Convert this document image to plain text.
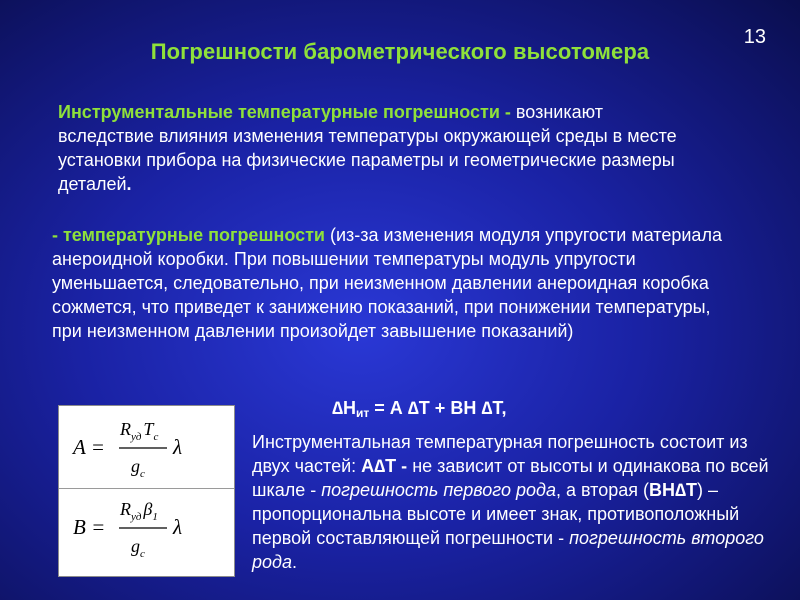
13
Погрешности барометрического высотомера
Инструментальные температурные погрешности - возникают вследствие влияния изменения температуры окружающей среды в месте установки прибора на физические параметры и геометрические размеры деталей.
- температурные погрешности (из-за изменения модуля упругости материала анероидной коробки. При повышении температуры модуль упругости уменьшается, следовательно, при неизменном давлении анероидная коробка сожмется, что приведет к занижению показаний, при понижении температуры, при неизменном давлении произойдет завышение показаний)
A =
$R_{уд}$ $T_c$
$g_c$
λ
B =
$R_{уд}$ $\beta_1$
$g_c$
λ
$\Delta Н_{ит} = А$ ∆Т + ВН ∆Т,
Инструментальная температурная погрешность состоит из двух частей: А∆Т - не зависит от высоты и одинакова по всей шкале - погрешность первого рода, а вторая (ВН∆Т) – пропорциональна высоте и имеет знак, противоположный первой составляющей погрешности - погрешность второго рода.
